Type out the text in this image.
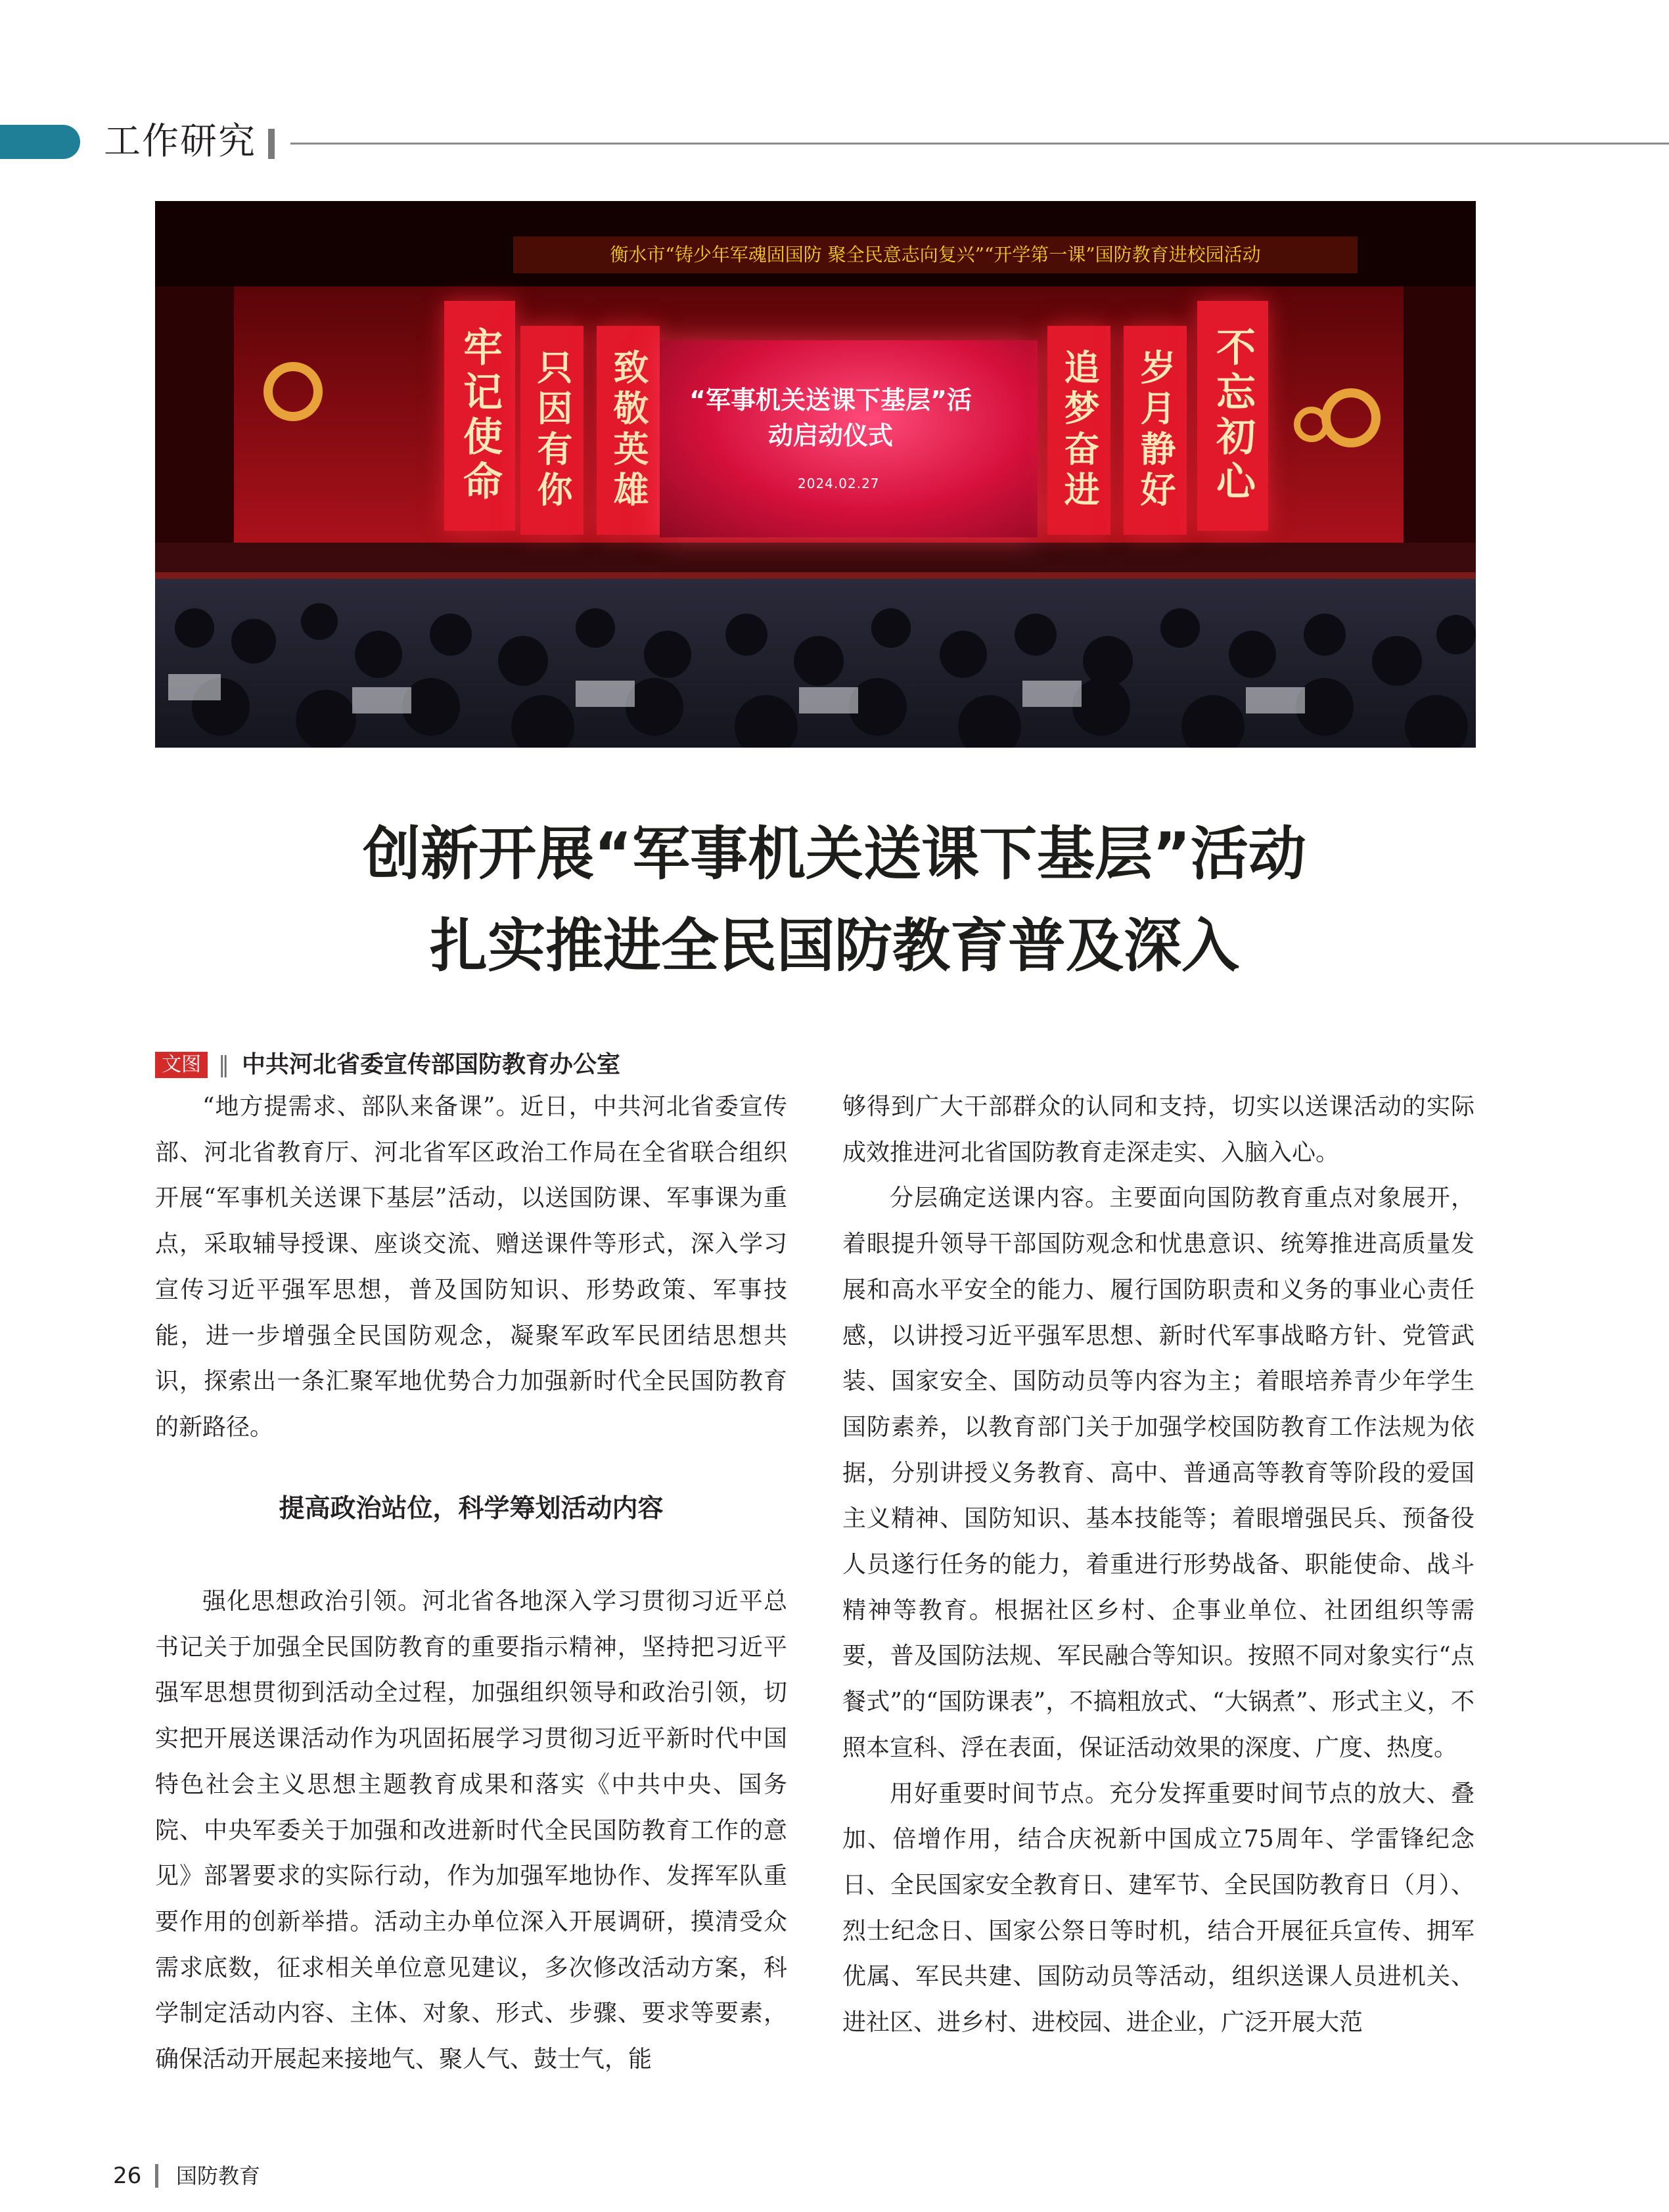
工作研究
衡水市“铸少年军魂固国防 聚全民意志向复兴”“开学第一课”国防教育进校园活动
牢记使命 只因有你 致敬英雄	“军事机关送课下基层”活动启动仪式
2024.02.27	追梦奋进 岁月静好 不忘初心
创新开展“军事机关送课下基层”活动
扎实推进全民国防教育普及深入
文图 ‖ 中共河北省委宣传部国防教育办公室

“地方提需求、部队来备课”。近日，中共河北省委宣传部、河北省教育厅、河北省军区政治工作局在全省联合组织开展“军事机关送课下基层”活动，以送国防课、军事课为重点，采取辅导授课、座谈交流、赠送课件等形式，深入学习宣传习近平强军思想，普及国防知识、形势政策、军事技能，进一步增强全民国防观念，凝聚军政军民团结思想共识，探索出一条汇聚军地优势合力加强新时代全民国防教育的新路径。

提高政治站位，科学筹划活动内容

强化思想政治引领。河北省各地深入学习贯彻习近平总书记关于加强全民国防教育的重要指示精神，坚持把习近平强军思想贯彻到活动全过程，加强组织领导和政治引领，切实把开展送课活动作为巩固拓展学习贯彻习近平新时代中国特色社会主义思想主题教育成果和落实《中共中央、国务院、中央军委关于加强和改进新时代全民国防教育工作的意见》部署要求的实际行动，作为加强军地协作、发挥军队重要作用的创新举措。活动主办单位深入开展调研，摸清受众需求底数，征求相关单位意见建议，多次修改活动方案，科学制定活动内容、主体、对象、形式、步骤、要求等要素，确保活动开展起来接地气、聚人气、鼓士气，能

够得到广大干部群众的认同和支持，切实以送课活动的实际成效推进河北省国防教育走深走实、入脑入心。

分层确定送课内容。主要面向国防教育重点对象展开，着眼提升领导干部国防观念和忧患意识、统筹推进高质量发展和高水平安全的能力、履行国防职责和义务的事业心责任感，以讲授习近平强军思想、新时代军事战略方针、党管武装、国家安全、国防动员等内容为主；着眼培养青少年学生国防素养，以教育部门关于加强学校国防教育工作法规为依据，分别讲授义务教育、高中、普通高等教育等阶段的爱国主义精神、国防知识、基本技能等；着眼增强民兵、预备役人员遂行任务的能力，着重进行形势战备、职能使命、战斗精神等教育。根据社区乡村、企事业单位、社团组织等需要，普及国防法规、军民融合等知识。按照不同对象实行“点餐式”的“国防课表”，不搞粗放式、“大锅煮”、形式主义，不照本宣科、浮在表面，保证活动效果的深度、广度、热度。

用好重要时间节点。充分发挥重要时间节点的放大、叠加、倍增作用，结合庆祝新中国成立75周年、学雷锋纪念日、全民国家安全教育日、建军节、全民国防教育日（月）、烈士纪念日、国家公祭日等时机，结合开展征兵宣传、拥军优属、军民共建、国防动员等活动，组织送课人员进机关、进社区、进乡村、进校园、进企业，广泛开展大范

26 国防教育
